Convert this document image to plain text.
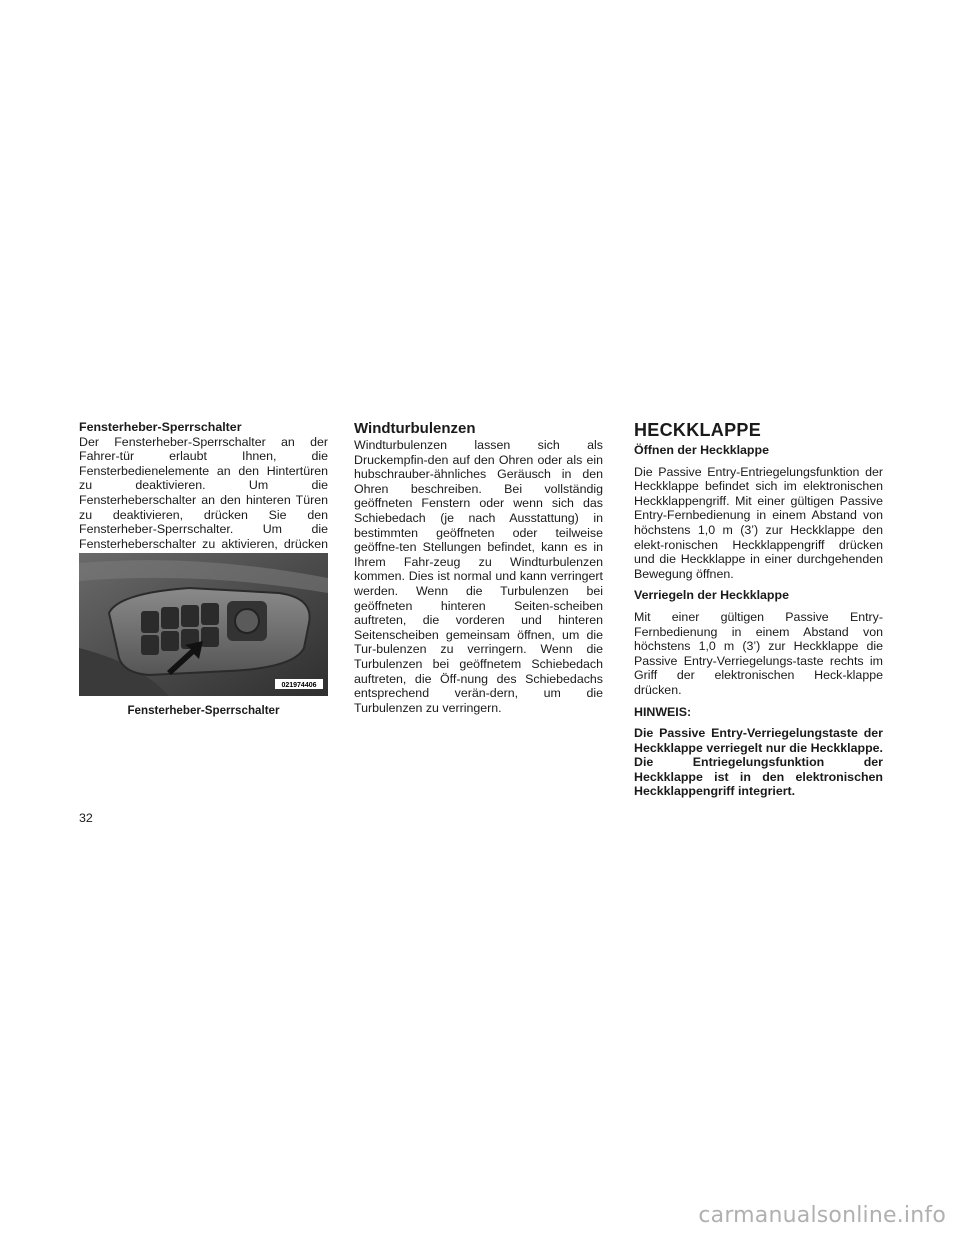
Fensterheber-Sperrschalter

Der Fensterheber-Sperrschalter an der Fahrer-tür erlaubt Ihnen, die Fensterbedienelemente an den Hintertüren zu deaktivieren. Um die Fensterheberschalter an den hinteren Türen zu deaktivieren, drücken Sie den Fensterheber-Sperrschalter. Um die Fensterheberschalter zu aktivieren, drücken

021974406
Fensterheber-Sperrschalter

Windturbulenzen

Windturbulenzen lassen sich als Druckempfin-den auf den Ohren oder als ein hubschrauber-ähnliches Geräusch in den Ohren beschreiben. Bei vollständig geöffneten Fenstern oder wenn sich das Schiebedach (je nach Ausstattung) in bestimmten geöffneten oder teilweise geöffne-ten Stellungen befindet, kann es in Ihrem Fahr-zeug zu Windturbulenzen kommen. Dies ist normal und kann verringert werden. Wenn die Turbulenzen bei geöffneten hinteren Seiten-scheiben auftreten, die vorderen und hinteren Seitenscheiben gemeinsam öffnen, um die Tur-bulenzen zu verringern. Wenn die Turbulenzen bei geöffnetem Schiebedach auftreten, die Öff-nung des Schiebedachs entsprechend verän-dern, um die Turbulenzen zu verringern.

HECKKLAPPE

Öffnen der Heckklappe

Die Passive Entry-Entriegelungsfunktion der Heckklappe befindet sich im elektronischen Heckklappengriff. Mit einer gültigen Passive Entry-Fernbedienung in einem Abstand von höchstens 1,0 m (3’) zur Heckklappe den elekt-ronischen Heckklappengriff drücken und die Heckklappe in einer durchgehenden Bewegung öffnen.

Verriegeln der Heckklappe

Mit einer gültigen Passive Entry-Fernbedienung in einem Abstand von höchstens 1,0 m (3’) zur Heckklappe die Passive Entry-Verriegelungs-taste rechts im Griff der elektronischen Heck-klappe drücken.

HINWEIS:

Die Passive Entry-Verriegelungstaste der Heckklappe verriegelt nur die Heckklappe. Die Entriegelungsfunktion der Heckklappe ist in den elektronischen Heckklappengriff integriert.

32
carmanualsonline.info
